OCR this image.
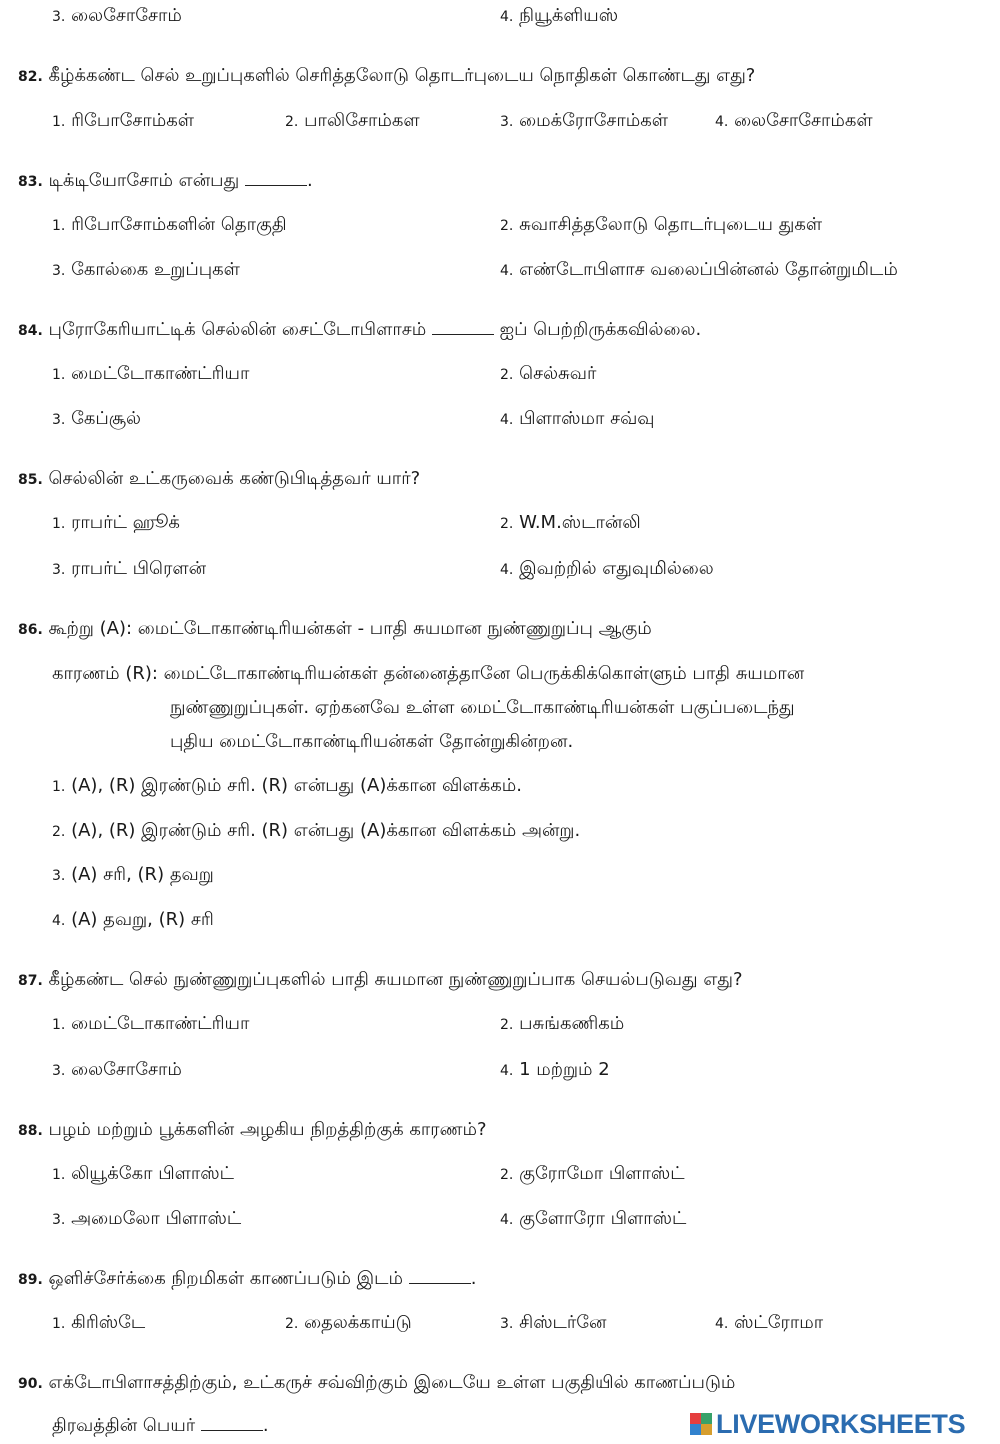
3. லைசோசோம்	4. நியூக்ளியஸ்
82. கீழ்க்கண்ட செல் உறுப்புகளில் செரித்தலோடு தொடர்புடைய நொதிகள் கொண்டது எது?
1. ரிபோசோம்கள்	2. பாலிசோம்கள	3. மைக்ரோசோம்கள்	4. லைசோசோம்கள்
83. டிக்டியோசோம் என்பது	.
1. ரிபோசோம்களின் தொகுதி	2. சுவாசித்தலோடு தொடர்புடைய துகள்
3. கோல்கை உறுப்புகள்	4. எண்டோபிளாச வலைப்பின்னல் தோன்றுமிடம்
84. புரோகேரியாட்டிக் செல்லின் சைட்டோபிளாசம்	ஐப் பெற்றிருக்கவில்லை.
1. மைட்டோகாண்ட்ரியா	2. செல்சுவர்
3. கேப்சூல்	4. பிளாஸ்மா சவ்வு
85. செல்லின் உட்கருவைக் கண்டுபிடித்தவர் யார்?
1. ராபர்ட் ஹூக்	2. W.M.ஸ்டான்லி
3. ராபர்ட் பிரௌன்	4. இவற்றில் எதுவுமில்லை
86. கூற்று (A): மைட்டோகாண்டிரியன்கள் - பாதி சுயமான நுண்ணுறுப்பு ஆகும்
காரணம் (R): மைட்டோகாண்டிரியன்கள் தன்னைத்தானே பெருக்கிக்கொள்ளும் பாதி சுயமான
நுண்ணுறுப்புகள். ஏற்கனவே உள்ள மைட்டோகாண்டிரியன்கள் பகுப்படைந்து
புதிய மைட்டோகாண்டிரியன்கள் தோன்றுகின்றன.
1. (A), (R) இரண்டும் சரி. (R) என்பது (A)க்கான விளக்கம்.
2. (A), (R) இரண்டும் சரி. (R) என்பது (A)க்கான விளக்கம் அன்று.
3. (A) சரி, (R) தவறு
4. (A) தவறு, (R) சரி
87. கீழ்கண்ட செல் நுண்ணுறுப்புகளில் பாதி சுயமான நுண்ணுறுப்பாக செயல்படுவது எது?
1. மைட்டோகாண்ட்ரியா	2. பசுங்கணிகம்
3. லைசோசோம்	4. 1 மற்றும் 2
88. பழம் மற்றும் பூக்களின் அழகிய நிறத்திற்குக் காரணம்?
1. லியூக்கோ பிளாஸ்ட்	2. குரோமோ பிளாஸ்ட்
3. அமைலோ பிளாஸ்ட்	4. குளோரோ பிளாஸ்ட்
89. ஒளிச்சேர்க்கை நிறமிகள் காணப்படும் இடம்	.
1. கிரிஸ்டே	2. தைலக்காய்டு	3. சிஸ்டர்னே	4. ஸ்ட்ரோமா
90. எக்டோபிளாசத்திற்கும், உட்கருச் சவ்விற்கும் இடையே உள்ள பகுதியில் காணப்படும்
திரவத்தின் பெயர்	.	LIVEWORKSHEETS
